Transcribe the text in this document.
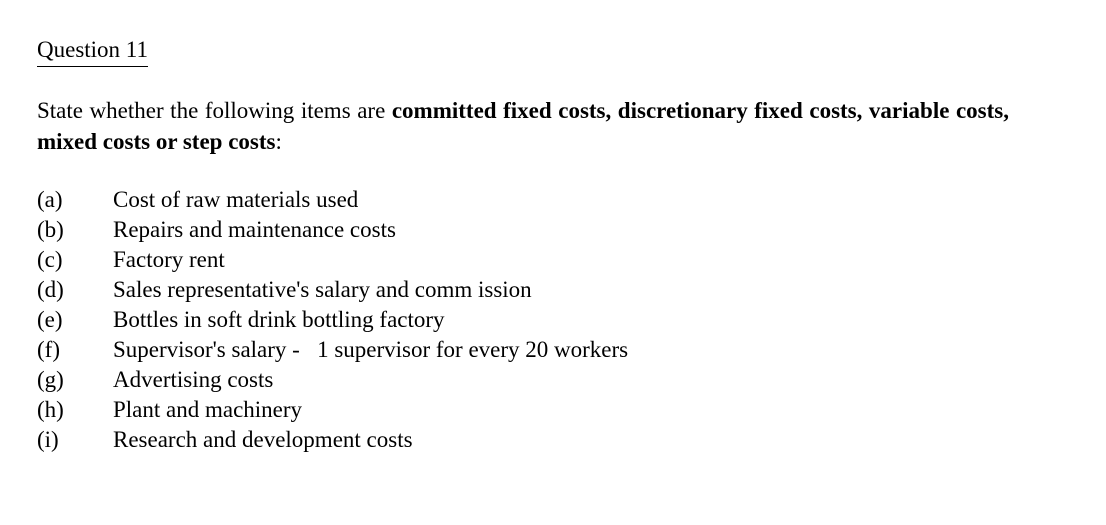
Question 11
State whether the following items are committed fixed costs, discretionary fixed costs, variable costs, mixed costs or step costs:
(a) Cost of raw materials used
(b) Repairs and maintenance costs
(c) Factory rent
(d) Sales representative's salary and comm ission
(e) Bottles in soft drink bottling factory
(f) Supervisor's salary -   1 supervisor for every 20 workers
(g) Advertising costs
(h) Plant and machinery
(i) Research and development costs
